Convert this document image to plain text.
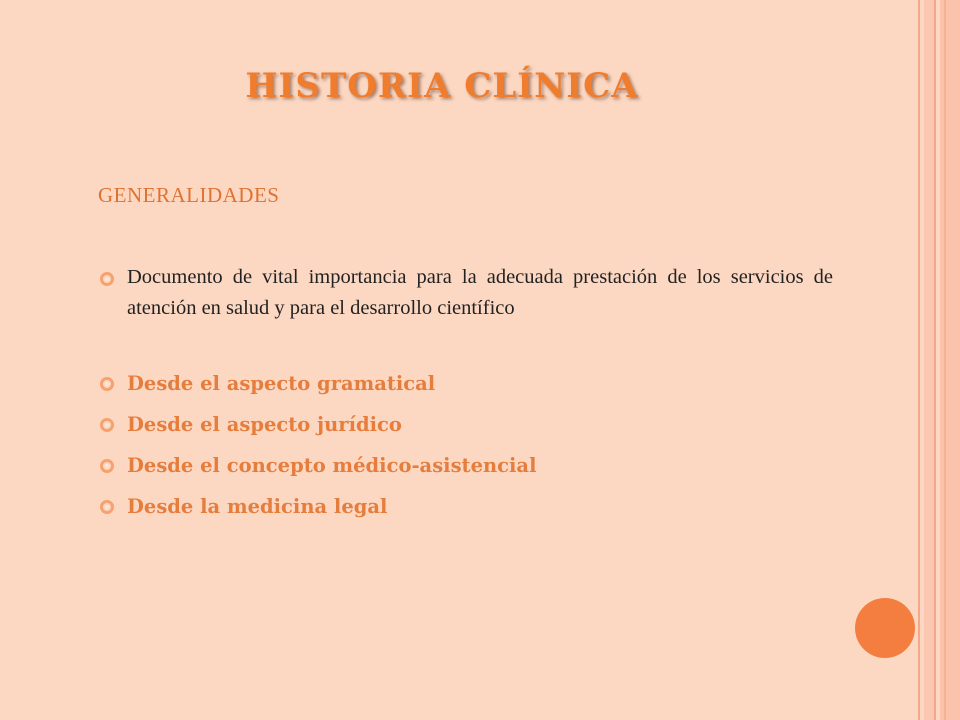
HISTORIA CLÍNICA

GENERALIDADES

Documento de vital importancia para la adecuada prestación de los servicios de atención en salud y para el desarrollo científico
Desde el aspecto gramatical
Desde el aspecto jurídico
Desde el concepto médico-asistencial
Desde la medicina legal
